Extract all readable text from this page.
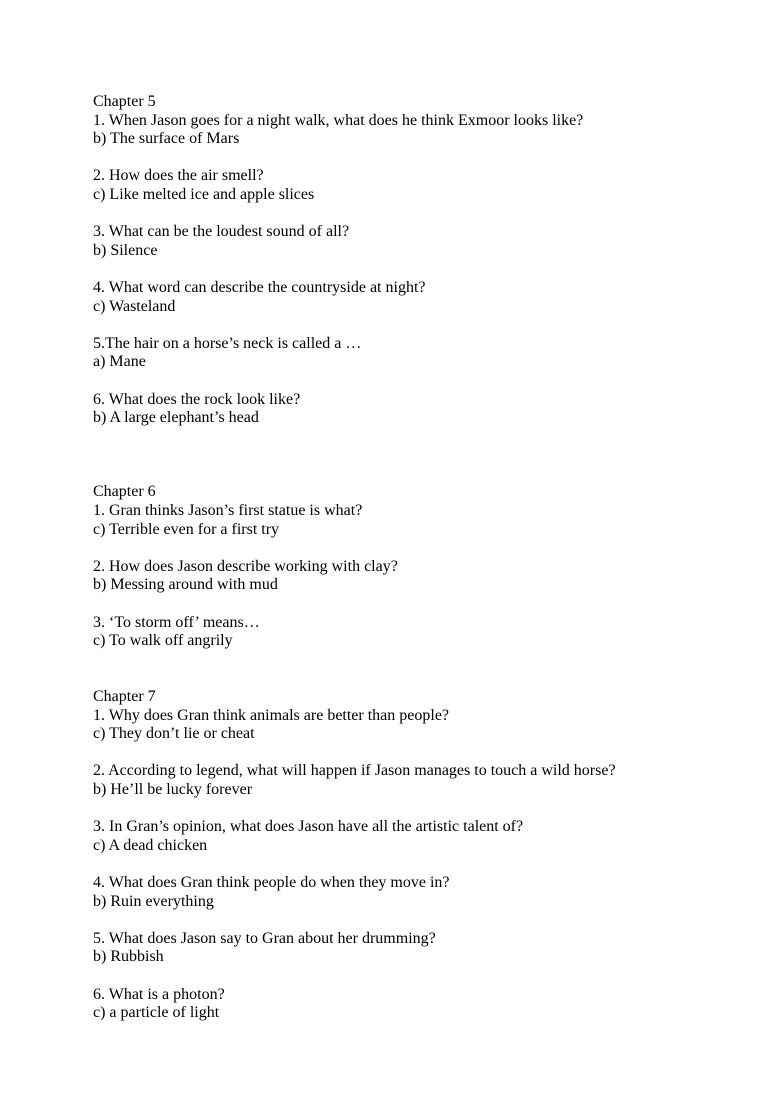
Chapter 5
1. When Jason goes for a night walk, what does he think Exmoor looks like?
b) The surface of Mars
2. How does the air smell?
c) Like melted ice and apple slices
3. What can be the loudest sound of all?
b) Silence
4. What word can describe the countryside at night?
c) Wasteland
5.The hair on a horse’s neck is called a …
a) Mane
6. What does the rock look like?
b) A large elephant’s head
Chapter 6
1. Gran thinks Jason’s first statue is what?
c) Terrible even for a first try
2. How does Jason describe working with clay?
b) Messing around with mud
3. ‘To storm off’ means…
c) To walk off angrily
Chapter 7
1. Why does Gran think animals are better than people?
c) They don’t lie or cheat
2. According to legend, what will happen if Jason manages to touch a wild horse?
b) He’ll be lucky forever
3. In Gran’s opinion, what does Jason have all the artistic talent of?
c) A dead chicken
4. What does Gran think people do when they move in?
b) Ruin everything
5. What does Jason say to Gran about her drumming?
b) Rubbish
6. What is a photon?
c) a particle of light
